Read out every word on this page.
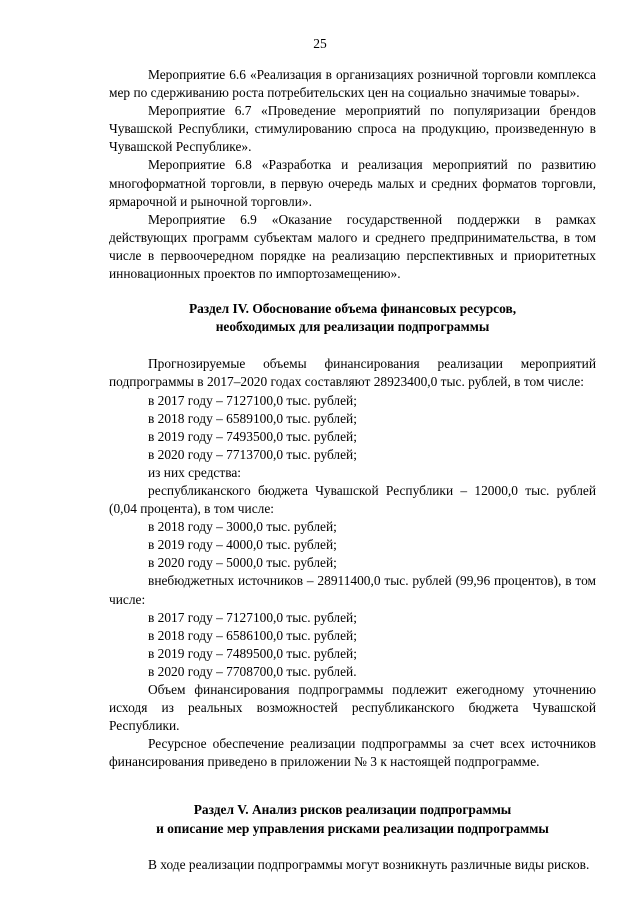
25

Мероприятие 6.6 «Реализация в организациях розничной торговли комплекса мер по сдерживанию роста потребительских цен на социально значимые товары».

Мероприятие 6.7 «Проведение мероприятий по популяризации брендов Чувашской Республики, стимулированию спроса на продукцию, произведенную в Чувашской Республике».

Мероприятие 6.8 «Разработка и реализация мероприятий по развитию многоформатной торговли, в первую очередь малых и средних форматов торговли, ярмарочной и рыночной торговли».

Мероприятие 6.9 «Оказание государственной поддержки в рамках действующих программ субъектам малого и среднего предпринимательства, в том числе в первоочередном порядке на реализацию перспективных и приоритетных инновационных проектов по импортозамещению».

Раздел IV. Обоснование объема финансовых ресурсов,

необходимых для реализации подпрограммы

Прогнозируемые объемы финансирования реализации мероприятий подпрограммы в 2017–2020 годах составляют 28923400,0 тыс. рублей, в том числе:

в 2017 году – 7127100,0 тыс. рублей;

в 2018 году – 6589100,0 тыс. рублей;

в 2019 году – 7493500,0 тыс. рублей;

в 2020 году – 7713700,0 тыс. рублей;

из них средства:

республиканского бюджета Чувашской Республики – 12000,0 тыс. рублей (0,04 процента), в том числе:

в 2018 году – 3000,0 тыс. рублей;

в 2019 году – 4000,0 тыс. рублей;

в 2020 году – 5000,0 тыс. рублей;

внебюджетных источников – 28911400,0 тыс. рублей (99,96 процентов), в том числе:

в 2017 году – 7127100,0 тыс. рублей;

в 2018 году – 6586100,0 тыс. рублей;

в 2019 году – 7489500,0 тыс. рублей;

в 2020 году – 7708700,0 тыс. рублей.

Объем финансирования подпрограммы подлежит ежегодному уточнению исходя из реальных возможностей республиканского бюджета Чувашской Республики.

Ресурсное обеспечение реализации подпрограммы за счет всех источников финансирования приведено в приложении № 3 к настоящей подпрограмме.

Раздел V. Анализ рисков реализации подпрограммы

и описание мер управления рисками реализации подпрограммы

В ходе реализации подпрограммы могут возникнуть различные виды рисков.
